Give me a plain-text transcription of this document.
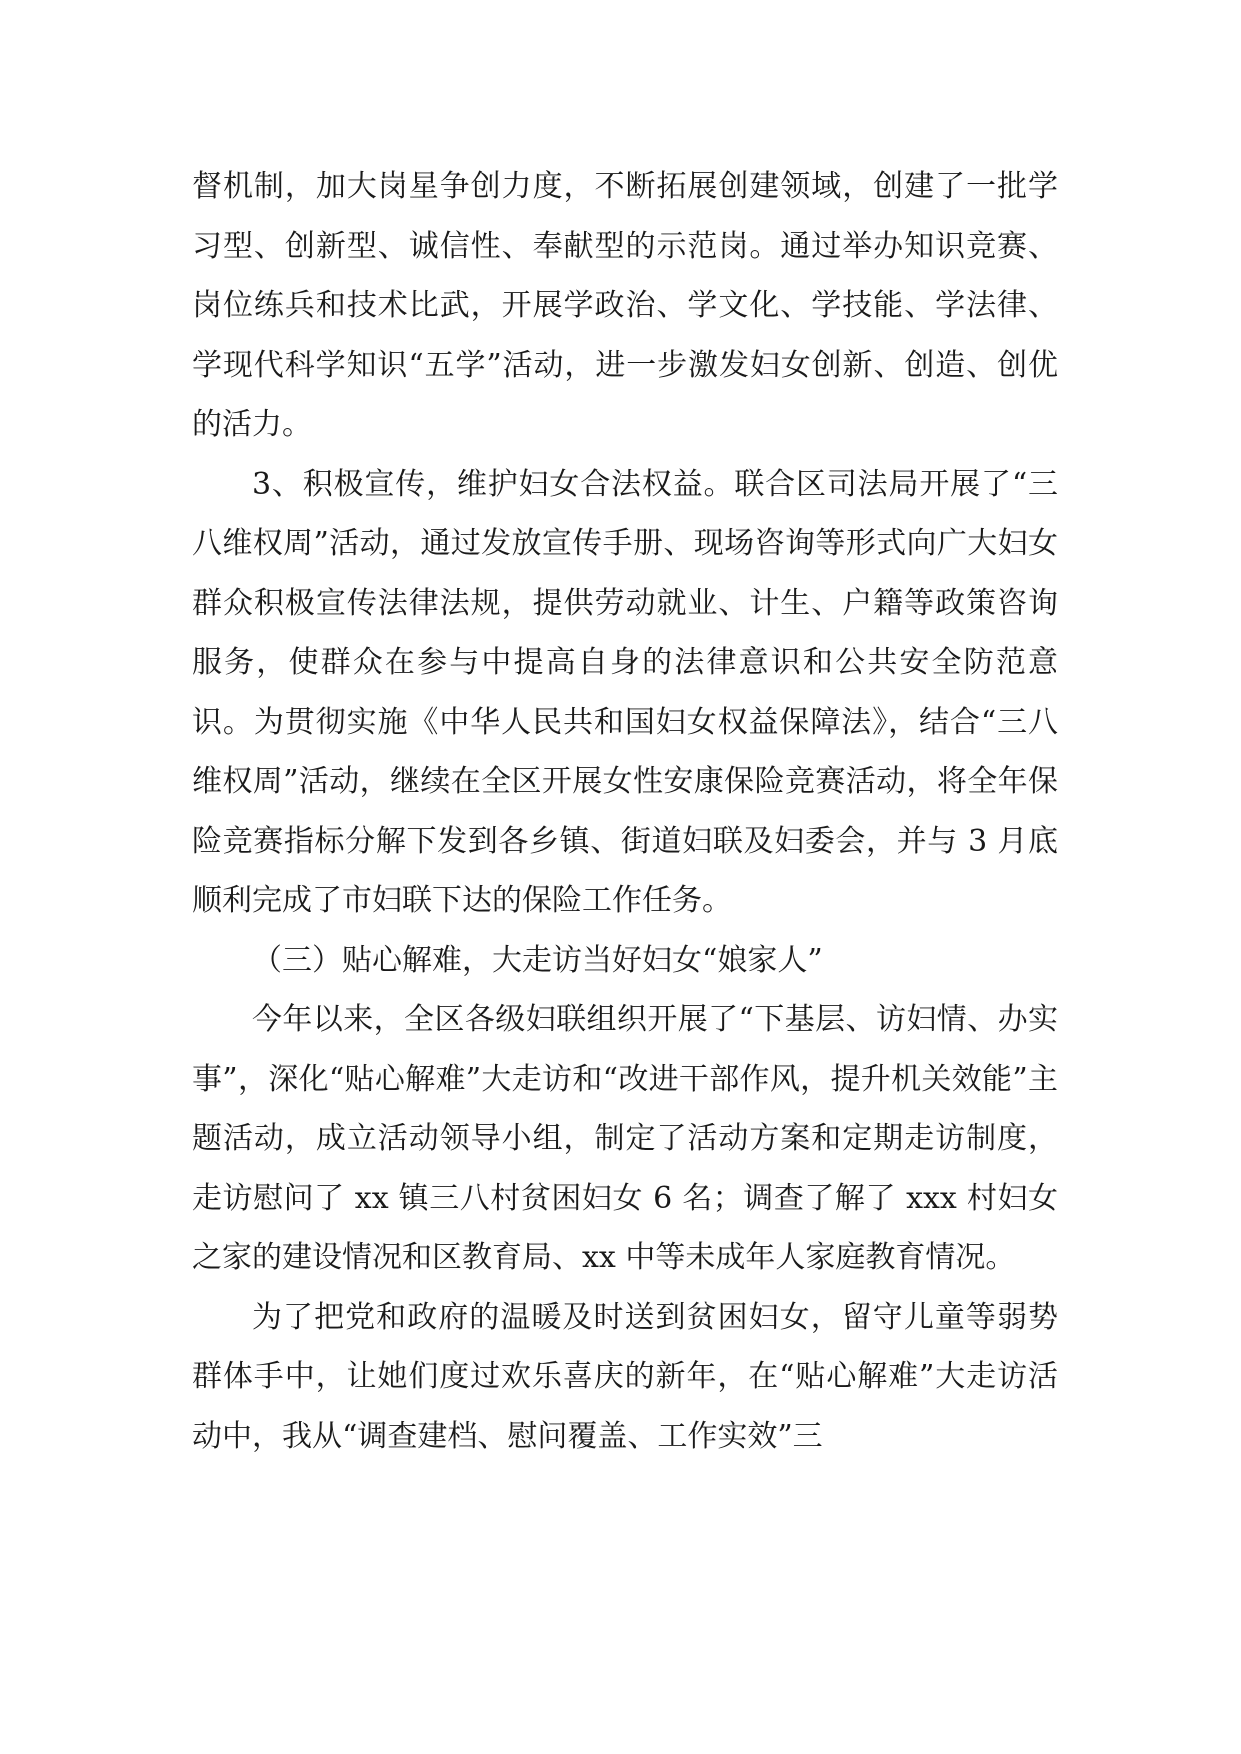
督机制，加大岗星争创力度，不断拓展创建领域，创建了一批学习型、创新型、诚信性、奉献型的示范岗。通过举办知识竞赛、岗位练兵和技术比武，开展学政治、学文化、学技能、学法律、学现代科学知识“五学”活动，进一步激发妇女创新、创造、创优的活力。

3、积极宣传，维护妇女合法权益。联合区司法局开展了“三八维权周”活动，通过发放宣传手册、现场咨询等形式向广大妇女群众积极宣传法律法规，提供劳动就业、计生、户籍等政策咨询服务，使群众在参与中提高自身的法律意识和公共安全防范意识。为贯彻实施《中华人民共和国妇女权益保障法》，结合“三八维权周”活动，继续在全区开展女性安康保险竞赛活动，将全年保险竞赛指标分解下发到各乡镇、街道妇联及妇委会，并与 3 月底顺利完成了市妇联下达的保险工作任务。

（三）贴心解难，大走访当好妇女“娘家人”

今年以来，全区各级妇联组织开展了“下基层、访妇情、办实事”，深化“贴心解难”大走访和“改进干部作风，提升机关效能”主题活动，成立活动领导小组，制定了活动方案和定期走访制度，走访慰问了 xx 镇三八村贫困妇女 6 名；调查了解了 xxx 村妇女之家的建设情况和区教育局、xx 中等未成年人家庭教育情况。

为了把党和政府的温暖及时送到贫困妇女，留守儿童等弱势群体手中，让她们度过欢乐喜庆的新年，在“贴心解难”大走访活动中，我从“调查建档、慰问覆盖、工作实效”三
